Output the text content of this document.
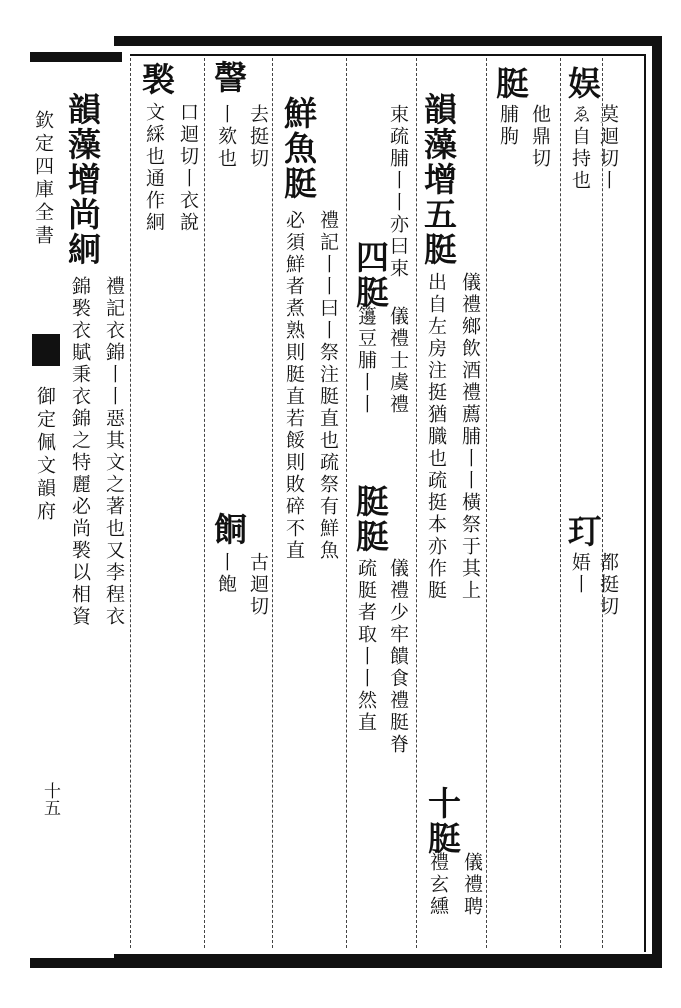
欽定四庫全書
御定佩文韻府
十五
娱
莫迴切丨
ゑ自持也
玎
都挺切
娪丨
脡
他鼎切
脯朐
韻藻增五脡
儀禮鄉飲酒禮薦脯丨丨橫祭于其上
出自左房注挺猶膱也疏挺本亦作脡
十脡
儀禮聘
禮玄纁
束疏脯丨丨亦曰束
四脡
儀禮士虞禮
籩豆脯丨丨
脡脡
儀禮少牢饋食禮脡脊
疏脡者取丨丨然直
鮮魚脡
禮記丨丨曰丨祭注脡直也疏祭有鮮魚
必須鮮者煮熟則脡直若餒則敗碎不直
謦
去挺切
丨欬也
餇
古迴切
丨飽
褧
口迴切丨衣說
文綵也通作絅
韻藻增尚絅
禮記衣錦丨丨惡其文之著也又李程衣
錦褧衣賦秉衣錦之特麗必尚褧以相資
